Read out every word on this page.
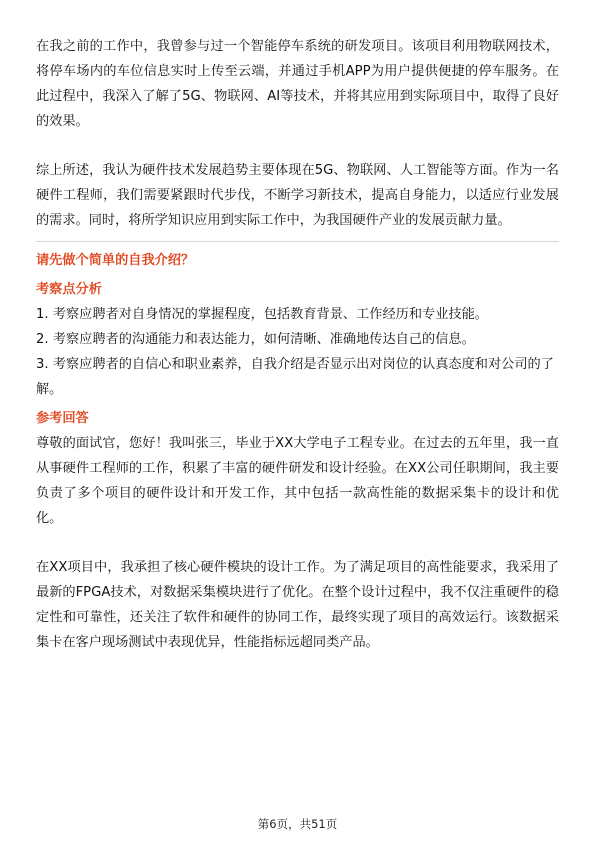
在我之前的工作中，我曾参与过一个智能停车系统的研发项目。该项目利用物联网技术，将停车场内的车位信息实时上传至云端，并通过手机APP为用户提供便捷的停车服务。在此过程中，我深入了解了5G、物联网、AI等技术，并将其应用到实际项目中，取得了良好的效果。

综上所述，我认为硬件技术发展趋势主要体现在5G、物联网、人工智能等方面。作为一名硬件工程师，我们需要紧跟时代步伐，不断学习新技术，提高自身能力，以适应行业发展的需求。同时，将所学知识应用到实际工作中，为我国硬件产业的发展贡献力量。

请先做个简单的自我介绍？

考察点分析

1. 考察应聘者对自身情况的掌握程度，包括教育背景、工作经历和专业技能。

2. 考察应聘者的沟通能力和表达能力，如何清晰、准确地传达自己的信息。

3. 考察应聘者的自信心和职业素养，自我介绍是否显示出对岗位的认真态度和对公司的了解。

参考回答

尊敬的面试官，您好！我叫张三，毕业于XX大学电子工程专业。在过去的五年里，我一直从事硬件工程师的工作，积累了丰富的硬件研发和设计经验。在XX公司任职期间，我主要负责了多个项目的硬件设计和开发工作，其中包括一款高性能的数据采集卡的设计和优化。

在XX项目中，我承担了核心硬件模块的设计工作。为了满足项目的高性能要求，我采用了最新的FPGA技术，对数据采集模块进行了优化。在整个设计过程中，我不仅注重硬件的稳定性和可靠性，还关注了软件和硬件的协同工作，最终实现了项目的高效运行。该数据采集卡在客户现场测试中表现优异，性能指标远超同类产品。

第6页，共51页
